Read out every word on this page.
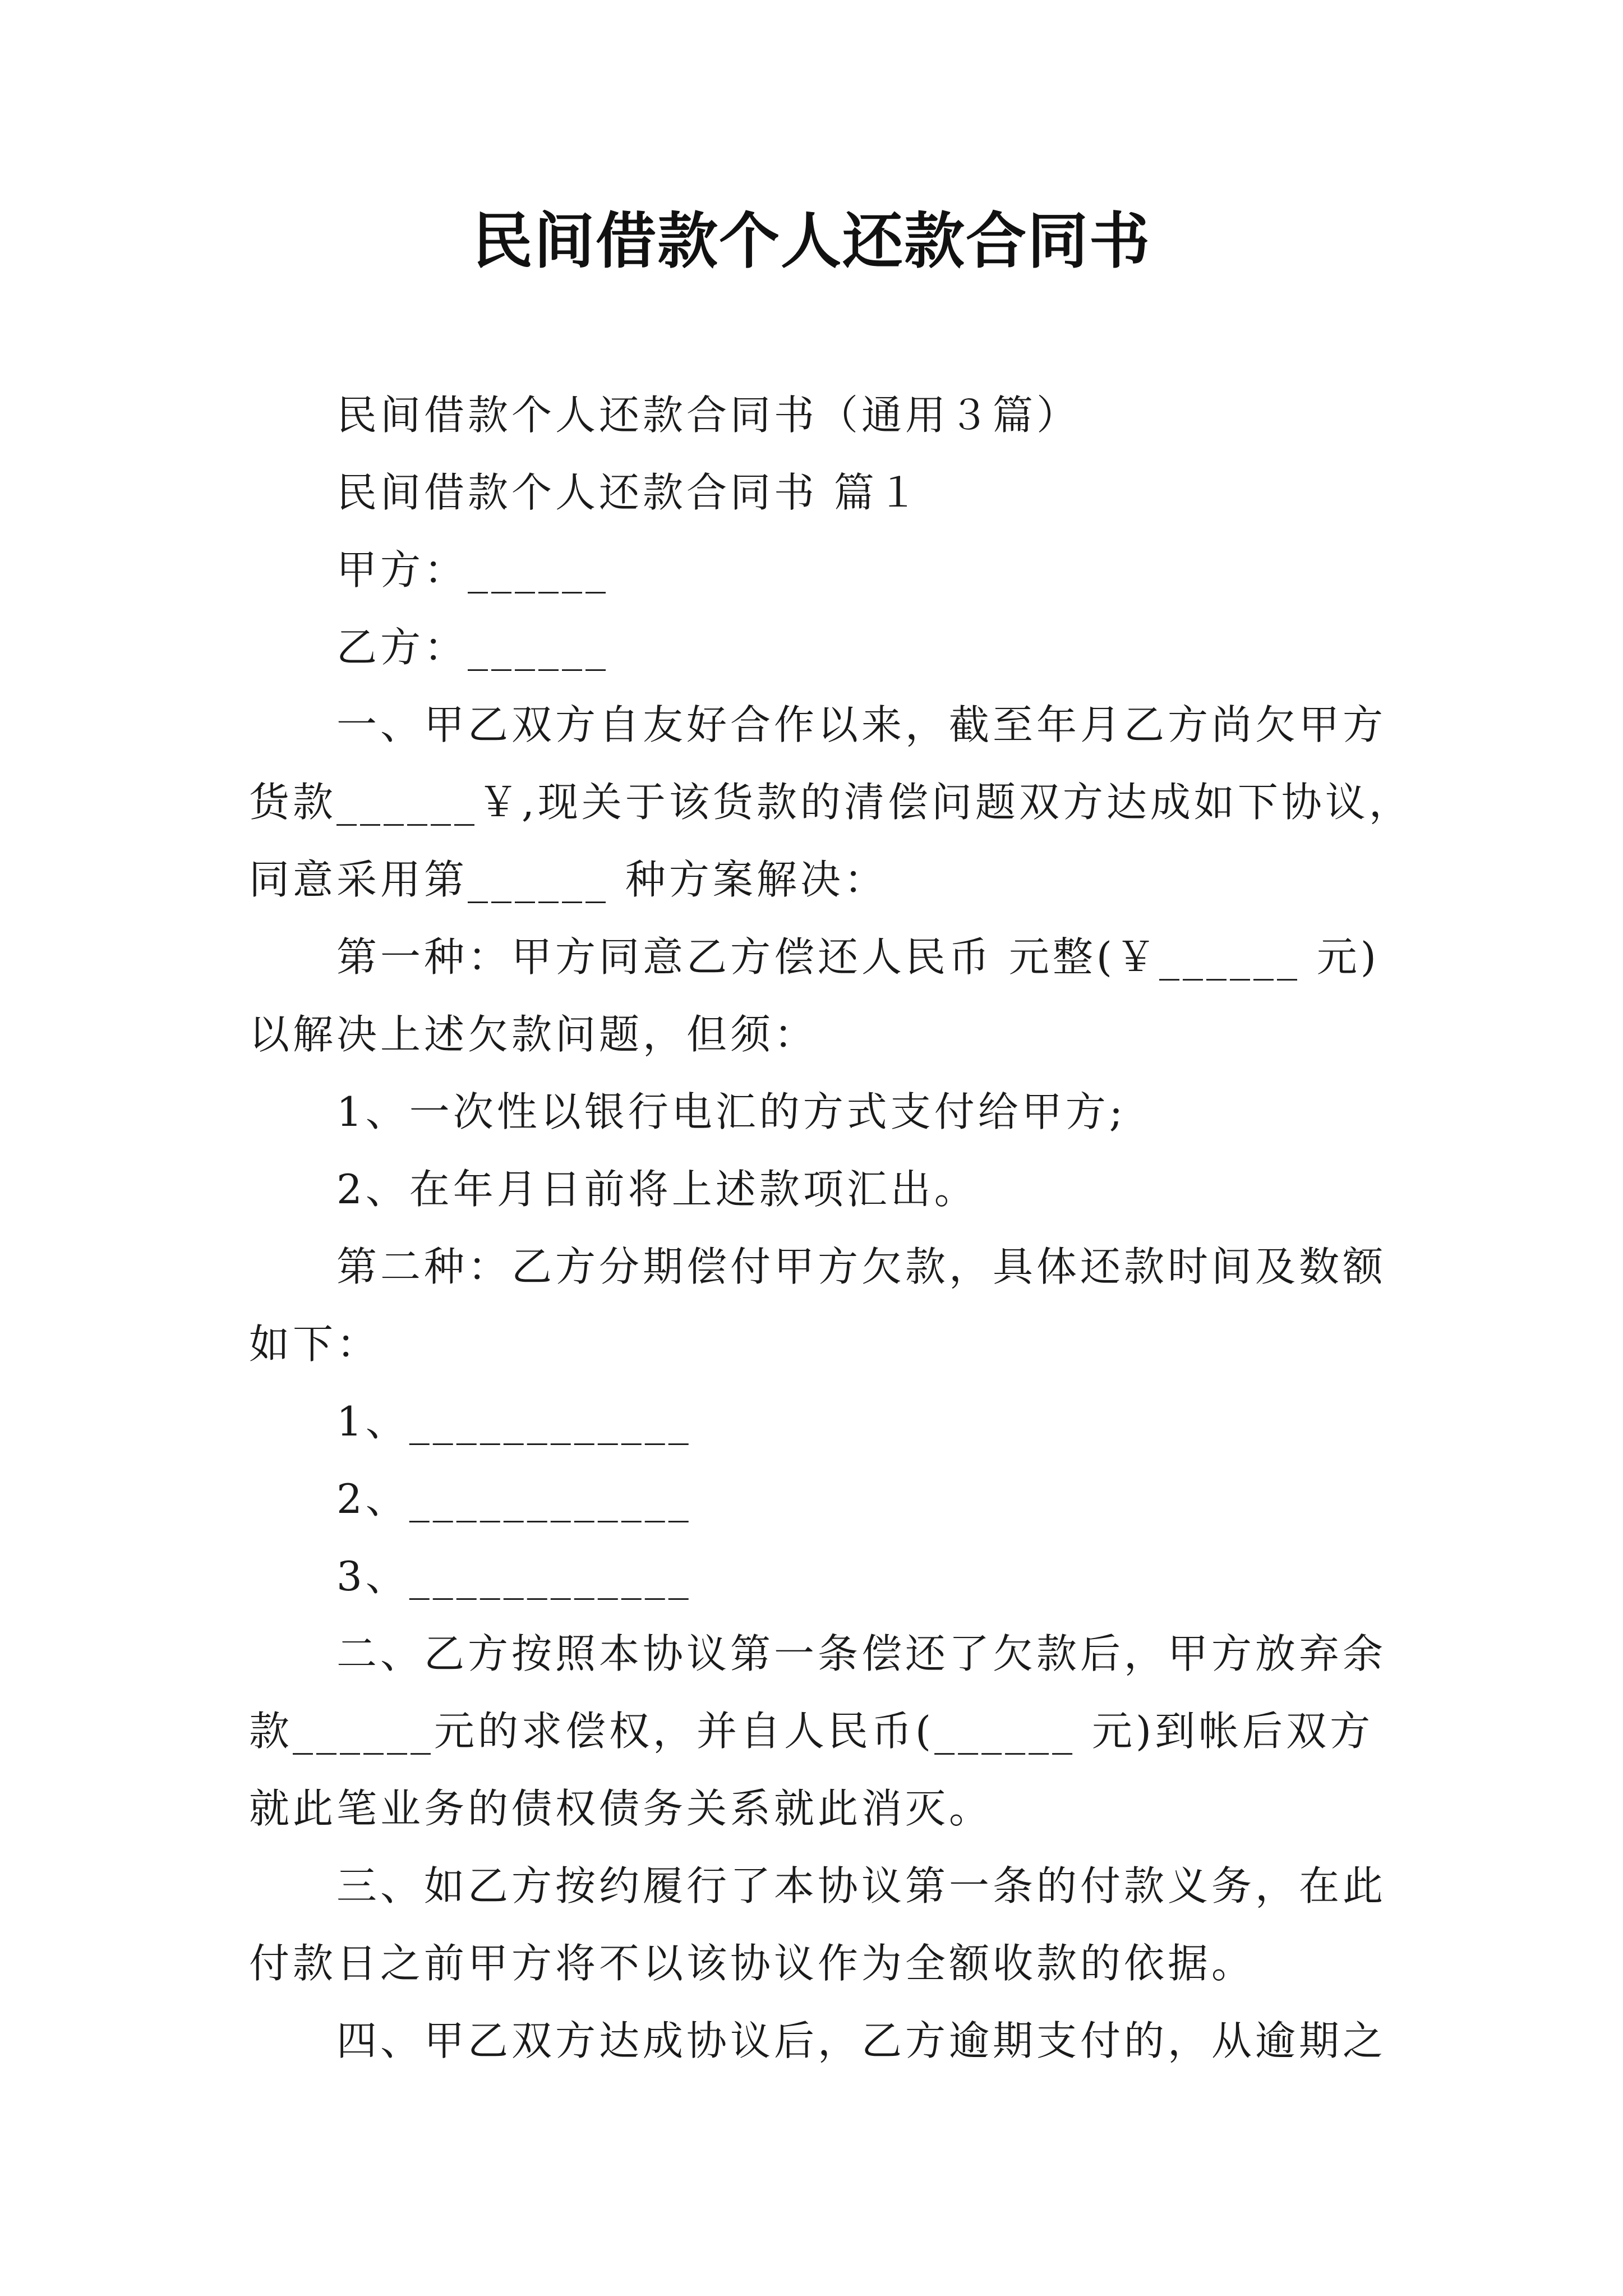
民间借款个人还款合同书
民间借款个人还款合同书（通用３篇）
民间借款个人还款合同书 篇１
甲方：______
乙方：______
一、甲乙双方自友好合作以来，截至年月乙方尚欠甲方
货款______￥,现关于该货款的清偿问题双方达成如下协议，
同意采用第______ 种方案解决：
第一种：甲方同意乙方偿还人民币 元整(￥______ 元)
以解决上述欠款问题，但须：
1、一次性以银行电汇的方式支付给甲方;
2、在年月日前将上述款项汇出。
第二种：乙方分期偿付甲方欠款，具体还款时间及数额
如下：
1、____________
2、____________
3、____________
二、乙方按照本协议第一条偿还了欠款后，甲方放弃余
款______元的求偿权，并自人民币(______ 元)到帐后双方
就此笔业务的债权债务关系就此消灭。
三、如乙方按约履行了本协议第一条的付款义务，在此
付款日之前甲方将不以该协议作为全额收款的依据。
四、甲乙双方达成协议后，乙方逾期支付的，从逾期之
